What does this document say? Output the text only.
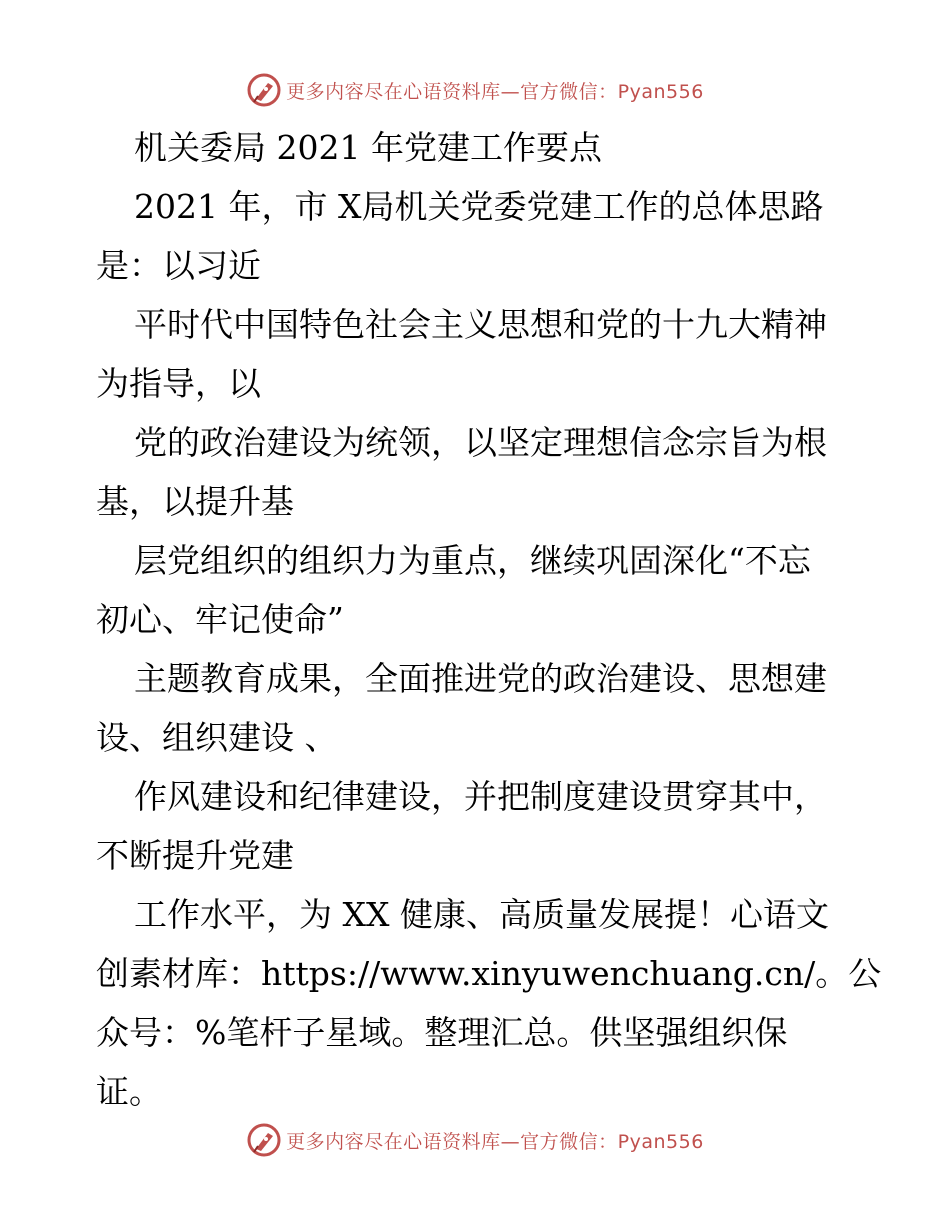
更多内容尽在心语资料库—官方微信：Pyan556
机关委局 2021 年党建工作要点
2021 年，市 X局机关党委党建工作的总体思路
是：以习近
平时代中国特色社会主义思想和党的十九大精神
为指导，以
党的政治建设为统领，以坚定理想信念宗旨为根
基，以提升基
层党组织的组织力为重点，继续巩固深化“不忘
初心、牢记使命”
主题教育成果，全面推进党的政治建设、思想建
设、组织建设 、
作风建设和纪律建设，并把制度建设贯穿其中，
不断提升党建
工作水平，为 XX 健康、高质量发展提！心语文
创素材库：https://www.xinyuwenchuang.cn/。公
众号：%笔杆子星域。整理汇总。供坚强组织保
证。
更多内容尽在心语资料库—官方微信：Pyan556
